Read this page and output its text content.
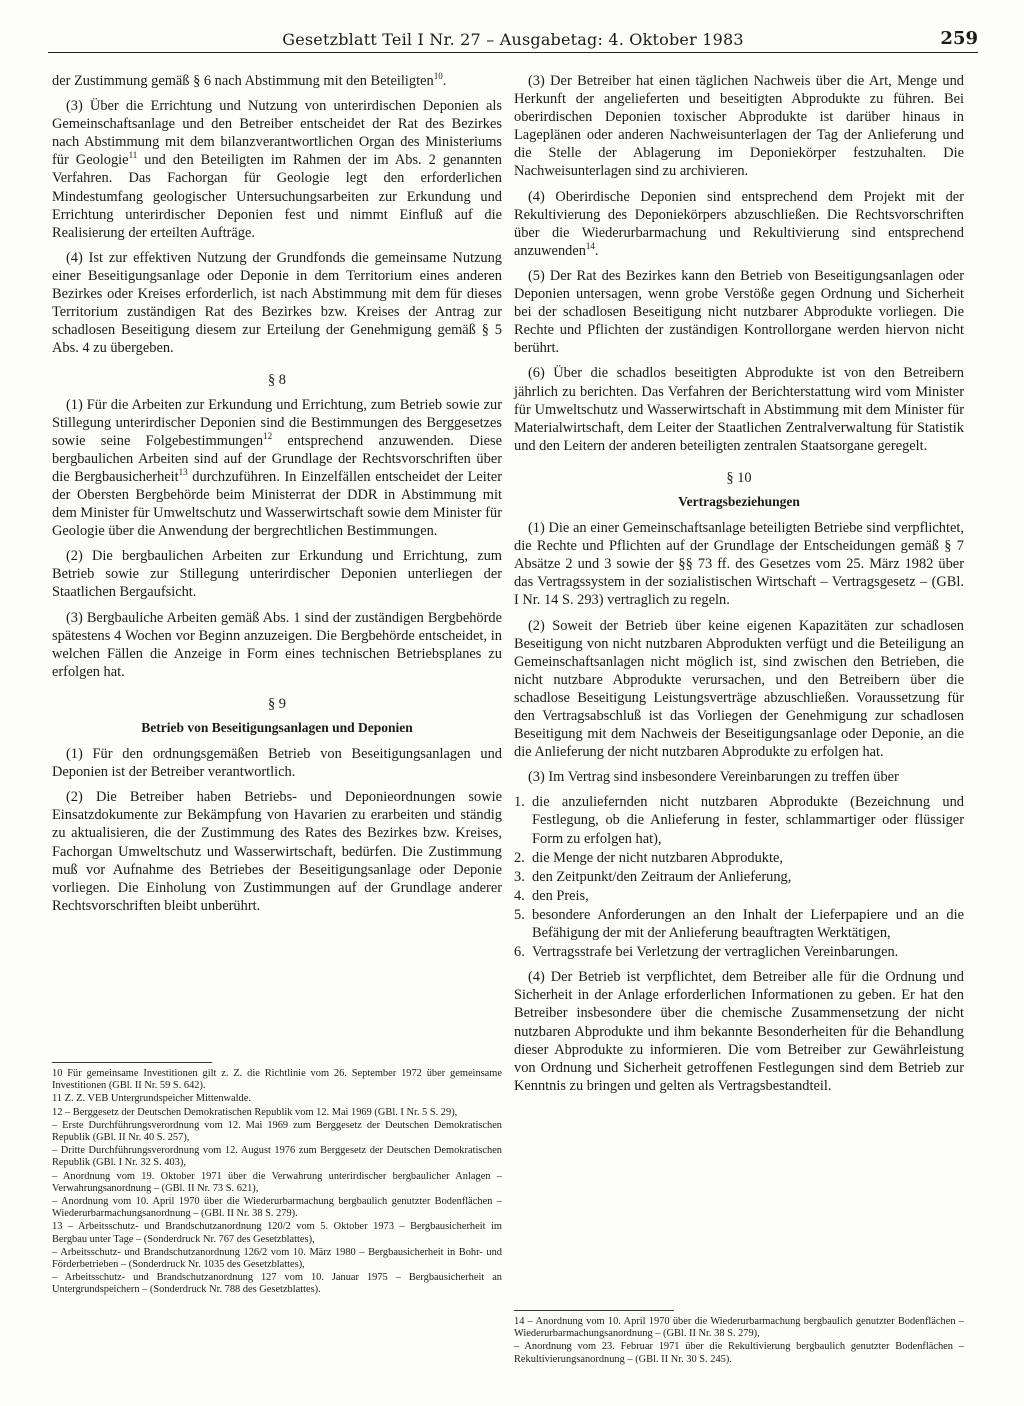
Gesetzblatt Teil I Nr. 27 – Ausgabetag: 4. Oktober 1983	259

der Zustimmung gemäß § 6 nach Abstimmung mit den Beteiligten$^{10}$.

(3) Über die Errichtung und Nutzung von unterirdischen Deponien als Gemeinschaftsanlage und den Betreiber entscheidet der Rat des Bezirkes nach Abstimmung mit dem bilanzverantwortlichen Organ des Ministeriums für Geologie$^{11}$ und den Beteiligten im Rahmen der im Abs. 2 genannten Verfahren. Das Fachorgan für Geologie legt den erforderlichen Mindestumfang geologischer Untersuchungsarbeiten zur Erkundung und Errichtung unterirdischer Deponien fest und nimmt Einfluß auf die Realisierung der erteilten Aufträge.

(4) Ist zur effektiven Nutzung der Grundfonds die gemeinsame Nutzung einer Beseitigungsanlage oder Deponie in dem Territorium eines anderen Bezirkes oder Kreises erforderlich, ist nach Abstimmung mit dem für dieses Territorium zuständigen Rat des Bezirkes bzw. Kreises der Antrag zur schadlosen Beseitigung diesem zur Erteilung der Genehmigung gemäß § 5 Abs. 4 zu übergeben.

§ 8

(1) Für die Arbeiten zur Erkundung und Errichtung, zum Betrieb sowie zur Stillegung unterirdischer Deponien sind die Bestimmungen des Berggesetzes sowie seine Folgebestimmungen$^{12}$ entsprechend anzuwenden. Diese bergbaulichen Arbeiten sind auf der Grundlage der Rechtsvorschriften über die Bergbausicherheit$^{13}$ durchzuführen. In Einzelfällen entscheidet der Leiter der Obersten Bergbehörde beim Ministerrat der DDR in Abstimmung mit dem Minister für Umweltschutz und Wasserwirtschaft sowie dem Minister für Geologie über die Anwendung der bergrechtlichen Bestimmungen.

(2) Die bergbaulichen Arbeiten zur Erkundung und Errichtung, zum Betrieb sowie zur Stillegung unterirdischer Deponien unterliegen der Staatlichen Bergaufsicht.

(3) Bergbauliche Arbeiten gemäß Abs. 1 sind der zuständigen Bergbehörde spätestens 4 Wochen vor Beginn anzuzeigen. Die Bergbehörde entscheidet, in welchen Fällen die Anzeige in Form eines technischen Betriebsplanes zu erfolgen hat.

§ 9
Betrieb von Beseitigungsanlagen und Deponien

(1) Für den ordnungsgemäßen Betrieb von Beseitigungsanlagen und Deponien ist der Betreiber verantwortlich.

(2) Die Betreiber haben Betriebs- und Deponieordnungen sowie Einsatzdokumente zur Bekämpfung von Havarien zu erarbeiten und ständig zu aktualisieren, die der Zustimmung des Rates des Bezirkes bzw. Kreises, Fachorgan Umweltschutz und Wasserwirtschaft, bedürfen. Die Zustimmung muß vor Aufnahme des Betriebes der Beseitigungsanlage oder Deponie vorliegen. Die Einholung von Zustimmungen auf der Grundlage anderer Rechtsvorschriften bleibt unberührt.

10 Für gemeinsame Investitionen gilt z. Z. die Richtlinie vom 26. September 1972 über gemeinsame Investitionen (GBl. II Nr. 59 S. 642).

11 Z. Z. VEB Untergrundspeicher Mittenwalde.

12 – Berggesetz der Deutschen Demokratischen Republik vom 12. Mai 1969 (GBl. I Nr. 5 S. 29),

– Erste Durchführungsverordnung vom 12. Mai 1969 zum Berggesetz der Deutschen Demokratischen Republik (GBl. II Nr. 40 S. 257),

– Dritte Durchführungsverordnung vom 12. August 1976 zum Berggesetz der Deutschen Demokratischen Republik (GBl. I Nr. 32 S. 403),

– Anordnung vom 19. Oktober 1971 über die Verwahrung unterirdischer bergbaulicher Anlagen – Verwahrungsanordnung – (GBl. II Nr. 73 S. 621),

– Anordnung vom 10. April 1970 über die Wiederurbarmachung bergbaulich genutzter Bodenflächen – Wiederurbarmachungsanordnung – (GBl. II Nr. 38 S. 279).

13 – Arbeitsschutz- und Brandschutzanordnung 120/2 vom 5. Oktober 1973 – Bergbausicherheit im Bergbau unter Tage – (Sonderdruck Nr. 767 des Gesetzblattes),

– Arbeitsschutz- und Brandschutzanordnung 126/2 vom 10. März 1980 – Bergbausicherheit in Bohr- und Förderbetrieben – (Sonderdruck Nr. 1035 des Gesetzblattes),

– Arbeitsschutz- und Brandschutzanordnung 127 vom 10. Januar 1975 – Bergbausicherheit an Untergrundspeichern – (Sonderdruck Nr. 788 des Gesetzblattes).

(3) Der Betreiber hat einen täglichen Nachweis über die Art, Menge und Herkunft der angelieferten und beseitigten Abprodukte zu führen. Bei oberirdischen Deponien toxischer Abprodukte ist darüber hinaus in Lageplänen oder anderen Nachweisunterlagen der Tag der Anlieferung und die Stelle der Ablagerung im Deponiekörper festzuhalten. Die Nachweisunterlagen sind zu archivieren.

(4) Oberirdische Deponien sind entsprechend dem Projekt mit der Rekultivierung des Deponiekörpers abzuschließen. Die Rechtsvorschriften über die Wiederurbarmachung und Rekultivierung sind entsprechend anzuwenden$^{14}$.

(5) Der Rat des Bezirkes kann den Betrieb von Beseitigungsanlagen oder Deponien untersagen, wenn grobe Verstöße gegen Ordnung und Sicherheit bei der schadlosen Beseitigung nicht nutzbarer Abprodukte vorliegen. Die Rechte und Pflichten der zuständigen Kontrollorgane werden hiervon nicht berührt.

(6) Über die schadlos beseitigten Abprodukte ist von den Betreibern jährlich zu berichten. Das Verfahren der Berichterstattung wird vom Minister für Umweltschutz und Wasserwirtschaft in Abstimmung mit dem Minister für Materialwirtschaft, dem Leiter der Staatlichen Zentralverwaltung für Statistik und den Leitern der anderen beteiligten zentralen Staatsorgane geregelt.

§ 10
Vertragsbeziehungen

(1) Die an einer Gemeinschaftsanlage beteiligten Betriebe sind verpflichtet, die Rechte und Pflichten auf der Grundlage der Entscheidungen gemäß § 7 Absätze 2 und 3 sowie der §§ 73 ff. des Gesetzes vom 25. März 1982 über das Vertragssystem in der sozialistischen Wirtschaft – Vertragsgesetz – (GBl. I Nr. 14 S. 293) vertraglich zu regeln.

(2) Soweit der Betrieb über keine eigenen Kapazitäten zur schadlosen Beseitigung von nicht nutzbaren Abprodukten verfügt und die Beteiligung an Gemeinschaftsanlagen nicht möglich ist, sind zwischen den Betrieben, die nicht nutzbare Abprodukte verursachen, und den Betreibern über die schadlose Beseitigung Leistungsverträge abzuschließen. Voraussetzung für den Vertragsabschluß ist das Vorliegen der Genehmigung zur schadlosen Beseitigung mit dem Nachweis der Beseitigungsanlage oder Deponie, an die die Anlieferung der nicht nutzbaren Abprodukte zu erfolgen hat.

(3) Im Vertrag sind insbesondere Vereinbarungen zu treffen über

1. die anzuliefernden nicht nutzbaren Abprodukte (Bezeichnung und Festlegung, ob die Anlieferung in fester, schlammartiger oder flüssiger Form zu erfolgen hat),
2. die Menge der nicht nutzbaren Abprodukte,
3. den Zeitpunkt/den Zeitraum der Anlieferung,
4. den Preis,
5. besondere Anforderungen an den Inhalt der Lieferpapiere und an die Befähigung der mit der Anlieferung beauftragten Werktätigen,
6. Vertragsstrafe bei Verletzung der vertraglichen Vereinbarungen.

(4) Der Betrieb ist verpflichtet, dem Betreiber alle für die Ordnung und Sicherheit in der Anlage erforderlichen Informationen zu geben. Er hat den Betreiber insbesondere über die chemische Zusammensetzung der nicht nutzbaren Abprodukte und ihm bekannte Besonderheiten für die Behandlung dieser Abprodukte zu informieren. Die vom Betreiber zur Gewährleistung von Ordnung und Sicherheit getroffenen Festlegungen sind dem Betrieb zur Kenntnis zu bringen und gelten als Vertragsbestandteil.

14 – Anordnung vom 10. April 1970 über die Wiederurbarmachung bergbaulich genutzter Bodenflächen – Wiederurbarmachungsanordnung – (GBl. II Nr. 38 S. 279),

– Anordnung vom 23. Februar 1971 über die Rekultivierung bergbaulich genutzter Bodenflächen – Rekultivierungsanordnung – (GBl. II Nr. 30 S. 245).
